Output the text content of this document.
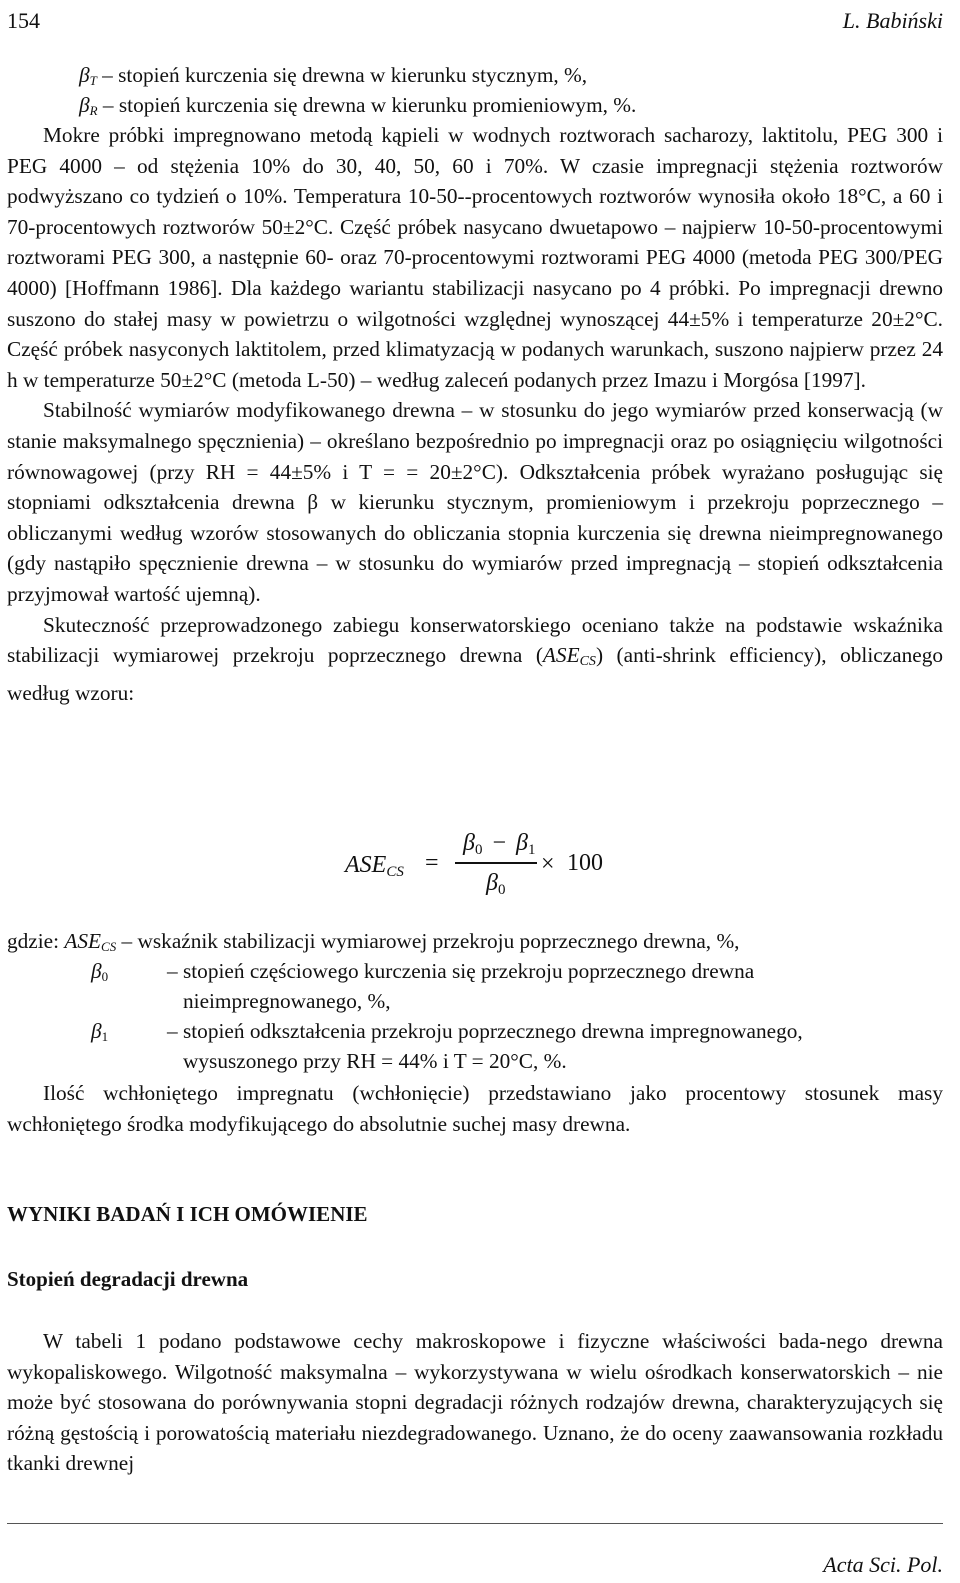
154	L. Babiński
$\beta_T$ – stopień kurczenia się drewna w kierunku stycznym, %,
$\beta_R$ – stopień kurczenia się drewna w kierunku promieniowym, %.

Mokre próbki impregnowano metodą kąpieli w wodnych roztworach sacharozy, laktitolu, PEG 300 i PEG 4000 – od stężenia 10% do 30, 40, 50, 60 i 70%. W czasie impregnacji stężenia roztworów podwyższano co tydzień o 10%. Temperatura 10-50--procentowych roztworów wynosiła około 18°C, a 60 i 70-procentowych roztworów 50±2°C. Część próbek nasycano dwuetapowo – najpierw 10-50-procentowymi roztworami PEG 300, a następnie 60- oraz 70-procentowymi roztworami PEG 4000 (metoda PEG 300/PEG 4000) [Hoffmann 1986]. Dla każdego wariantu stabilizacji nasycano po 4 próbki. Po impregnacji drewno suszono do stałej masy w powietrzu o wilgotności względnej wynoszącej 44±5% i temperaturze 20±2°C. Część próbek nasyconych laktitolem, przed klimatyzacją w podanych warunkach, suszono najpierw przez 24 h w temperaturze 50±2°C (metoda L-50) – według zaleceń podanych przez Imazu i Morgósa [1997].

Stabilność wymiarów modyfikowanego drewna – w stosunku do jego wymiarów przed konserwacją (w stanie maksymalnego spęcznienia) – określano bezpośrednio po impregnacji oraz po osiągnięciu wilgotności równowagowej (przy RH = 44±5% i T = = 20±2°C). Odkształcenia próbek wyrażano posługując się stopniami odkształcenia drewna β w kierunku stycznym, promieniowym i przekroju poprzecznego – obliczanymi według wzorów stosowanych do obliczania stopnia kurczenia się drewna nieimpregnowanego (gdy nastąpiło spęcznienie drewna – w stosunku do wymiarów przed impregnacją – stopień odkształcenia przyjmował wartość ujemną).

Skuteczność przeprowadzonego zabiegu konserwatorskiego oceniano także na podstawie wskaźnika stabilizacji wymiarowej przekroju poprzecznego drewna $(ASE_{CS})$ (anti-shrink efficiency), obliczanego według wzoru:

$ASE_{CS}$ =
$\beta_0 - \beta_1$
$\beta_0$
× 100
gdzie: $ASE_{CS}$ – wskaźnik stabilizacji wymiarowej przekroju poprzecznego drewna, %,
$\beta_0$	– stopień częściowego kurczenia się przekroju poprzecznego drewna
nieimpregnowanego, %,
$\beta_1$	– stopień odkształcenia przekroju poprzecznego drewna impregnowanego,
wysuszonego przy RH = 44% i T = 20°C, %.

Ilość wchłoniętego impregnatu (wchłonięcie) przedstawiano jako procentowy stosunek masy wchłoniętego środka modyfikującego do absolutnie suchej masy drewna.

WYNIKI BADAŃ I ICH OMÓWIENIE
Stopień degradacji drewna

W tabeli 1 podano podstawowe cechy makroskopowe i fizyczne właściwości bada-nego drewna wykopaliskowego. Wilgotność maksymalna – wykorzystywana w wielu ośrodkach konserwatorskich – nie może być stosowana do porównywania stopni degradacji różnych rodzajów drewna, charakteryzujących się różną gęstością i porowatością materiału niezdegradowanego. Uznano, że do oceny zaawansowania rozkładu tkanki drewnej

Acta Sci. Pol.
